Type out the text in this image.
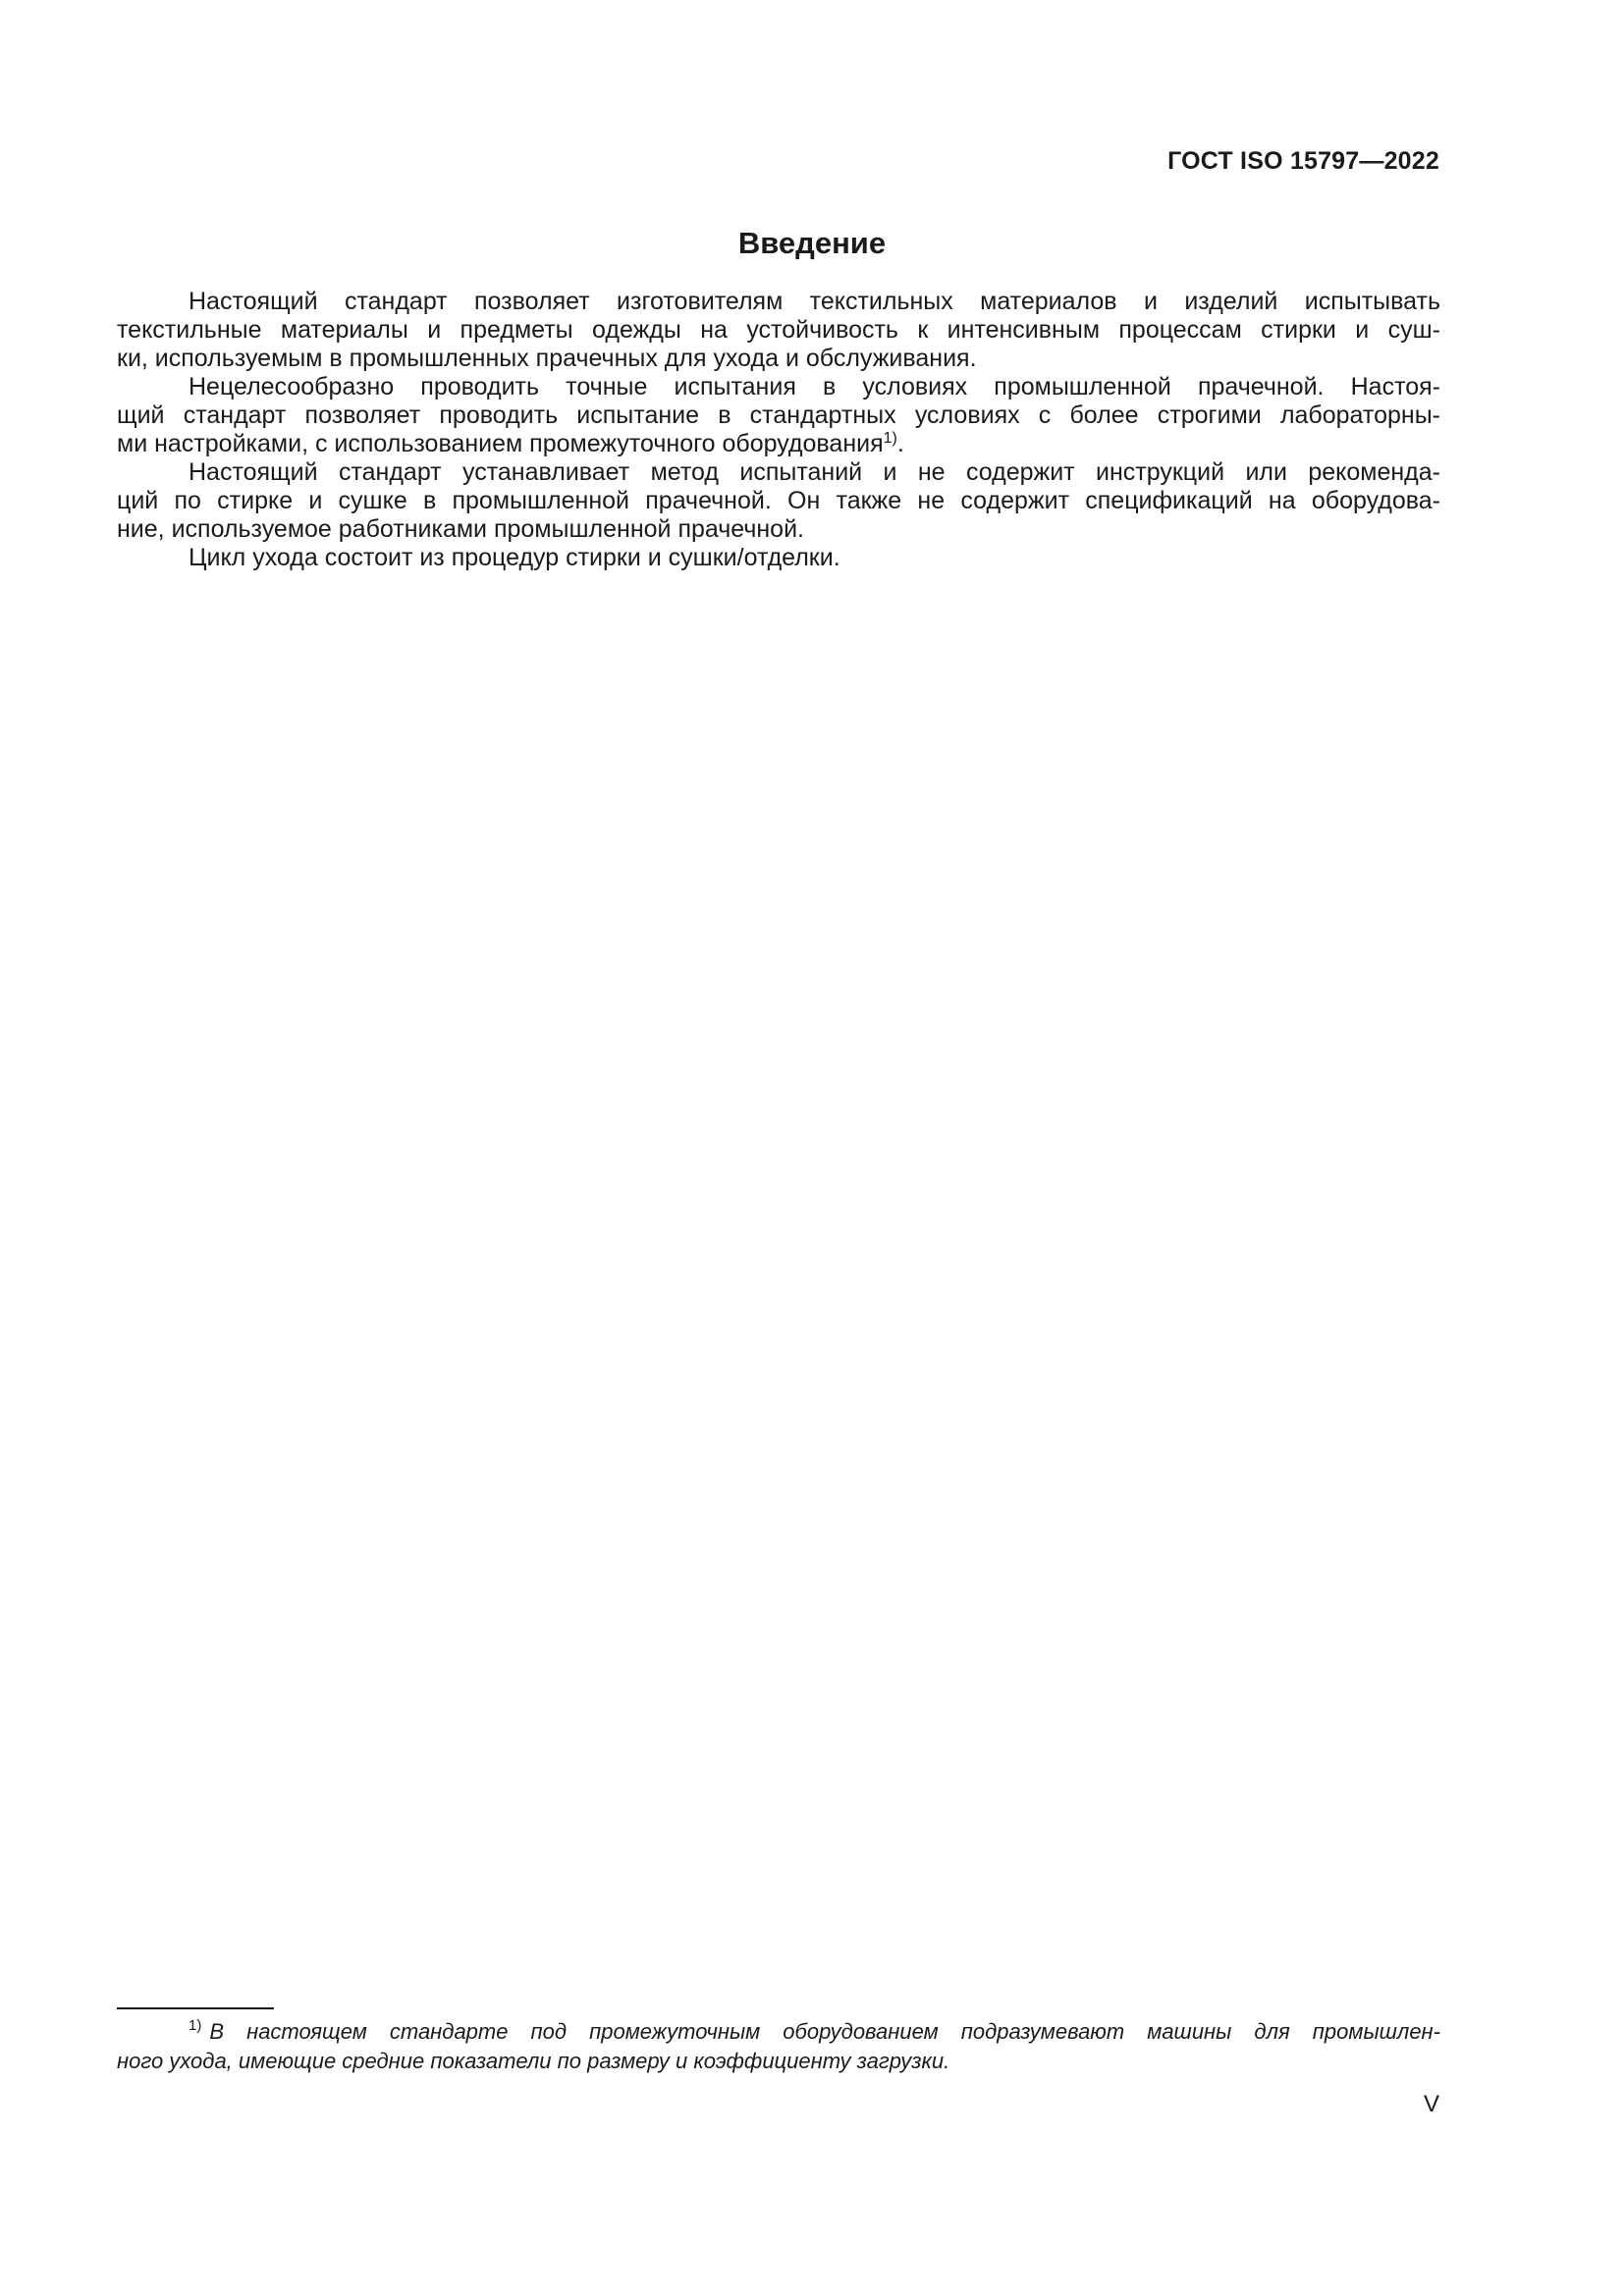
ГОСТ ISO 15797—2022
Введение

Настоящий стандарт позволяет изготовителям текстильных материалов и изделий испытывать
текстильные материалы и предметы одежды на устойчивость к интенсивным процессам стирки и суш-
ки, используемым в промышленных прачечных для ухода и обслуживания.

Нецелесообразно проводить точные испытания в условиях промышленной прачечной. Настоя-
щий стандарт позволяет проводить испытание в стандартных условиях с более строгими лабораторны-
ми настройками, с использованием промежуточного оборудования$^{1)}$.

Настоящий стандарт устанавливает метод испытаний и не содержит инструкций или рекоменда-
ций по стирке и сушке в промышленной прачечной. Он также не содержит спецификаций на оборудова-
ние, используемое работниками промышленной прачечной.

Цикл ухода состоит из процедур стирки и сушки/отделки.

$^{1)}$ В настоящем стандарте под промежуточным оборудованием подразумевают машины для промышлен-
ного ухода, имеющие средние показатели по размеру и коэффициенту загрузки.
V
